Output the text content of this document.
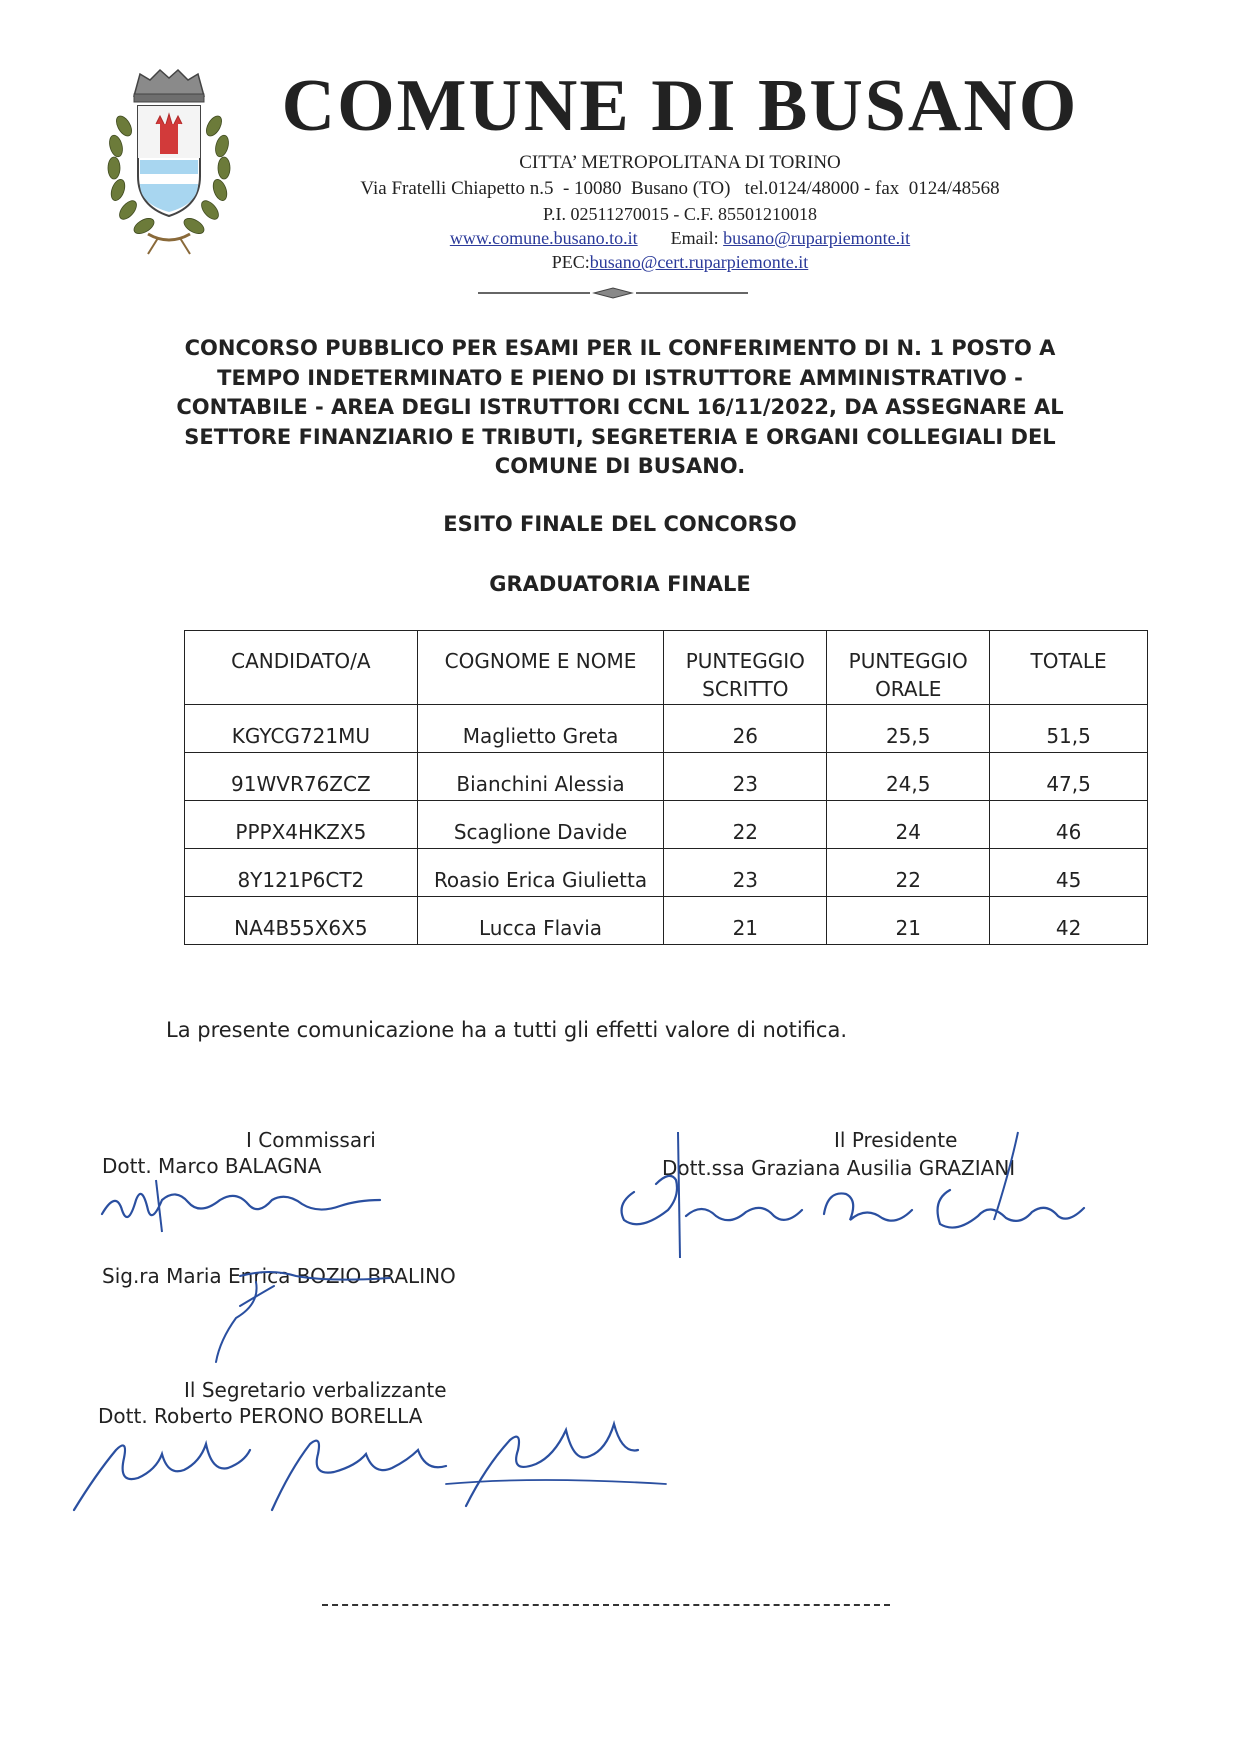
COMUNE DI BUSANO
CITTA’ METROPOLITANA DI TORINO
Via Fratelli Chiapetto n.5  - 10080  Busano (TO)   tel.0124/48000 - fax  0124/48568
P.I. 02511270015 - C.F. 85501210018
www.comune.busano.to.it Email: busano@ruparpiemonte.it
PEC:busano@cert.ruparpiemonte.it
CONCORSO PUBBLICO PER ESAMI PER IL CONFERIMENTO DI N. 1 POSTO A TEMPO INDETERMINATO E PIENO DI ISTRUTTORE AMMINISTRATIVO - CONTABILE - AREA DEGLI ISTRUTTORI CCNL 16/11/2022, DA ASSEGNARE AL SETTORE FINANZIARIO E TRIBUTI, SEGRETERIA E ORGANI COLLEGIALI DEL COMUNE DI BUSANO.
ESITO FINALE DEL CONCORSO
GRADUATORIA FINALE
CANDIDATO/A	COGNOME E NOME	PUNTEGGIO SCRITTO	PUNTEGGIO ORALE	TOTALE
KGYCG721MU	Maglietto Greta	26	25,5	51,5
91WVR76ZCZ	Bianchini Alessia	23	24,5	47,5
PPPX4HKZX5	Scaglione Davide	22	24	46
8Y121P6CT2	Roasio Erica Giulietta	23	22	45
NA4B55X6X5	Lucca Flavia	21	21	42
La presente comunicazione ha a tutti gli effetti valore di notifica.
I Commissari
Dott. Marco BALAGNA
Il Presidente
Dott.ssa Graziana Ausilia GRAZIANI
Sig.ra Maria Enrica BOZIO BRALINO
Il Segretario verbalizzante
Dott. Roberto PERONO BORELLA
